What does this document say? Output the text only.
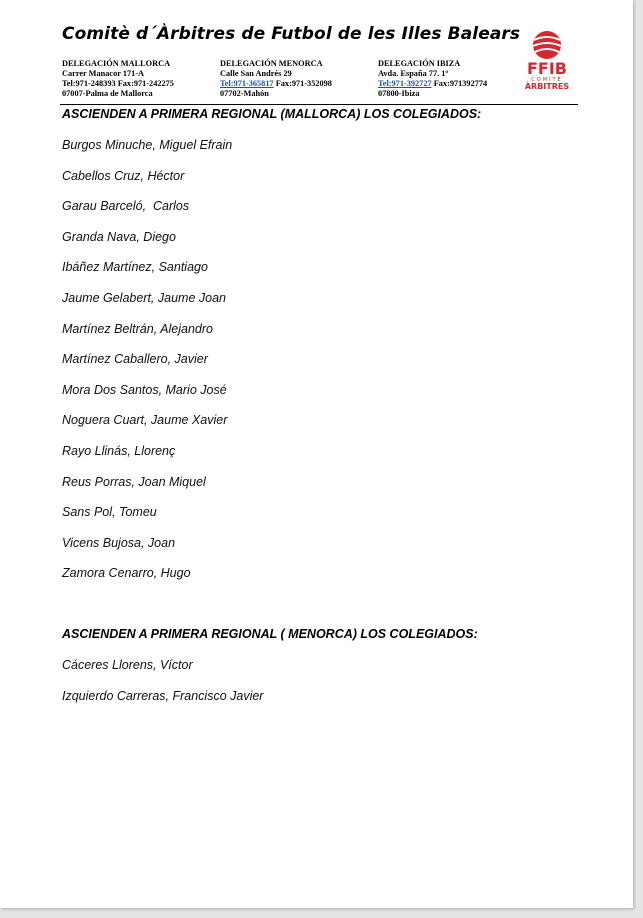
Comitè d´Àrbitres de Futbol de les Illes Balears
DELEGACIÓN MALLORCA
Carrer Manacor 171-A
Tel:971-248393 Fax:971-242275
07007-Palma de Mallorca
DELEGACIÓN MENORCA
Calle San Andrés 29
Tel:971-365817 Fax:971-352098
07702-Mahón
DELEGACIÓN IBIZA
Avda. España 77. 1º
Tel:971-392727 Fax:971392774
07800-Ibiza
FFIB
COMITÈ
ÀRBITRES
ASCIENDEN A PRIMERA REGIONAL (MALLORCA) LOS COLEGIADOS:
Burgos Minuche, Miguel Efrain
Cabellos Cruz, Héctor
Garau Barceló,  Carlos
Granda Nava, Diego
Ibáñez Martínez, Santiago
Jaume Gelabert, Jaume Joan
Martínez Beltrán, Alejandro
Martínez Caballero, Javier
Mora Dos Santos, Mario José
Noguera Cuart, Jaume Xavier
Rayo Llinás, Llorenç
Reus Porras, Joan Miquel
Sans Pol, Tomeu
Vicens Bujosa, Joan
Zamora Cenarro, Hugo
ASCIENDEN A PRIMERA REGIONAL ( MENORCA) LOS COLEGIADOS:
Cáceres Llorens, Víctor
Izquierdo Carreras, Francisco Javier
